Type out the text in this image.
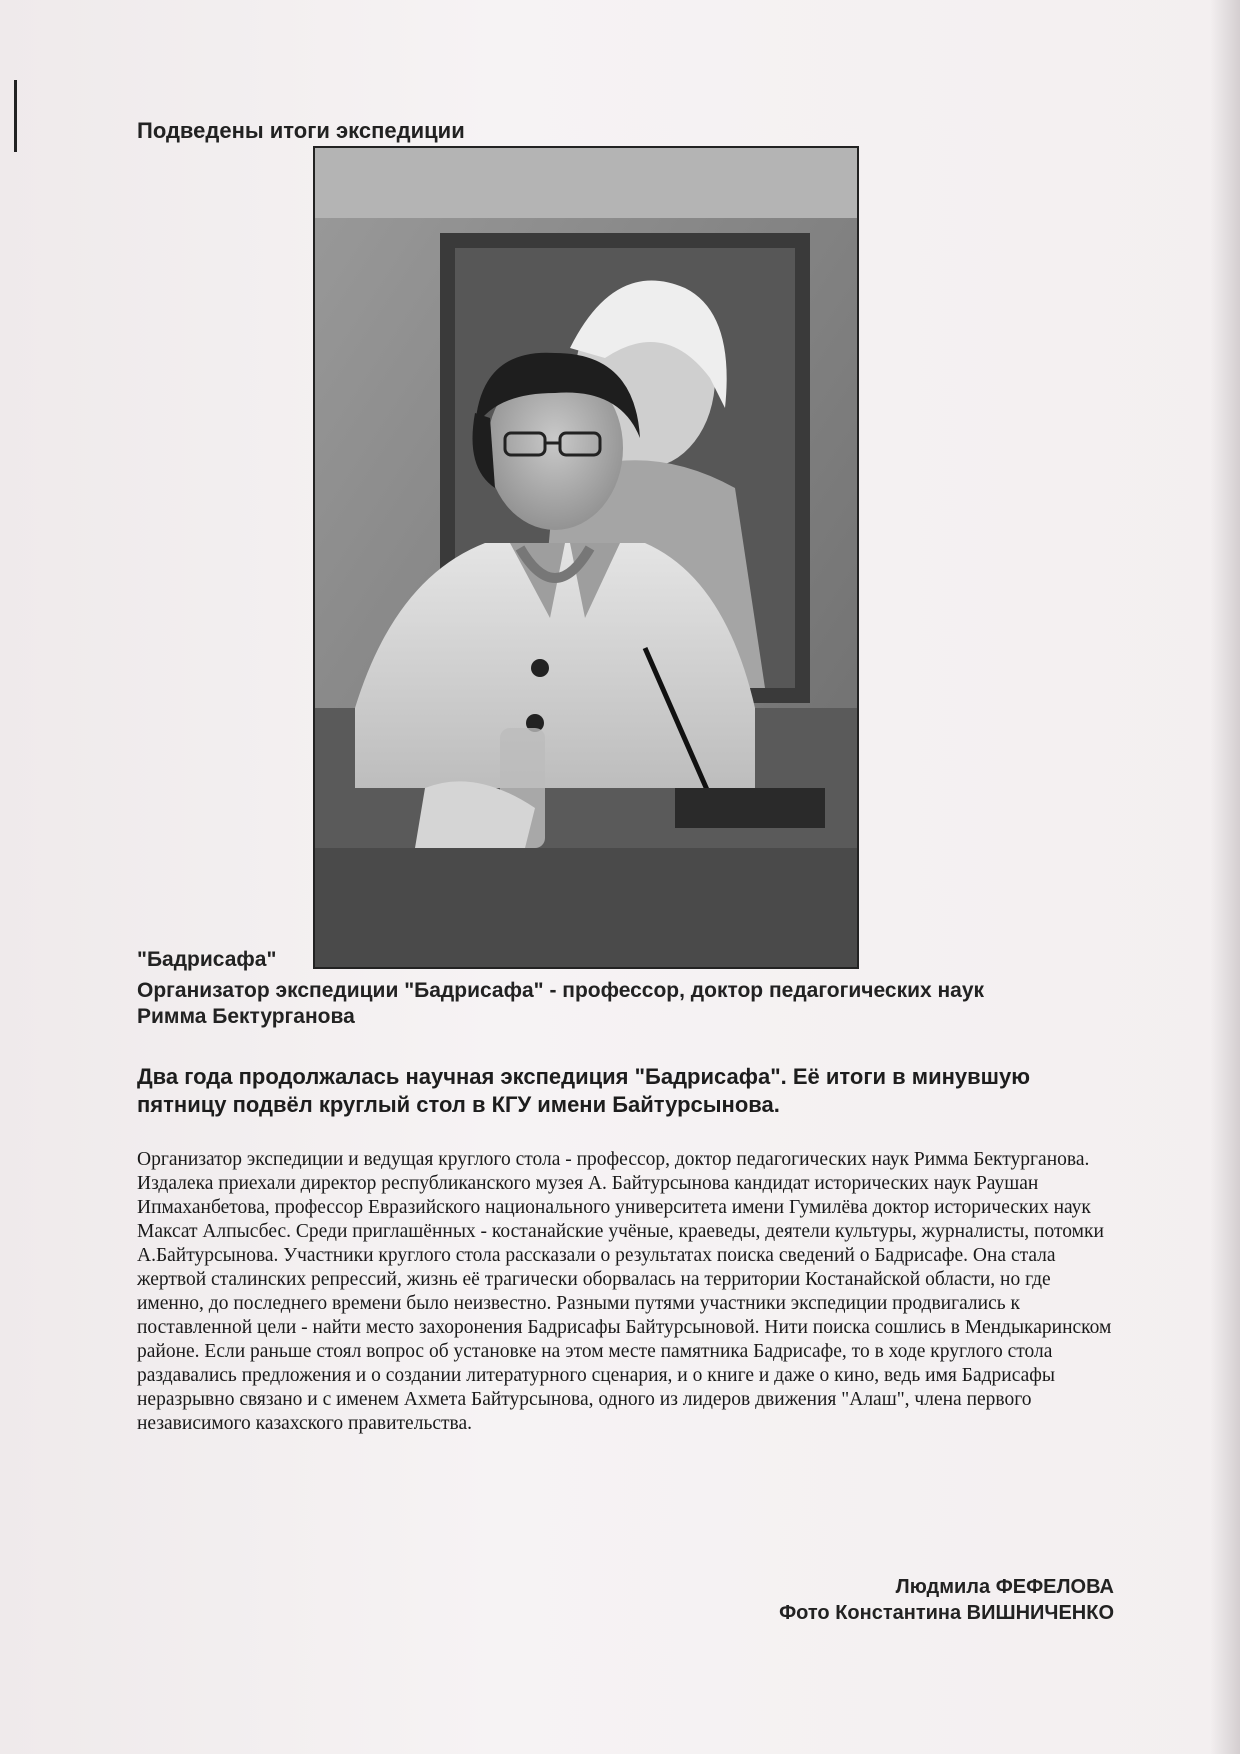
Подведены итоги экспедиции
"Бадрисафа"
Организатор экспедиции "Бадрисафа" - профессор, доктор педагогических наук Римма Бектурганова
Два года продолжалась научная экспедиция "Бадрисафа". Её итоги в минувшую пятницу подвёл круглый стол в КГУ имени Байтурсынова.
Организатор экспедиции и ведущая круглого стола - профессор, доктор педагогических наук Римма Бектурганова. Издалека приехали директор республиканского музея А. Байтурсынова кандидат исторических наук Раушан Ипмаханбетова, профессор Евразийского национального университета имени Гумилёва доктор исторических наук Максат Алпысбес. Среди приглашённых - костанайские учёные, краеведы, деятели культуры, журналисты, потомки А.Байтурсынова. Участники круглого стола рассказали о результатах поиска сведений о Бадрисафе. Она стала жертвой сталинских репрессий, жизнь её трагически оборвалась на территории Костанайской области, но где именно, до последнего времени было неизвестно. Разными путями участники экспедиции продвигались к поставленной цели - найти место захоронения Бадрисафы Байтурсыновой. Нити поиска сошлись в Мендыкаринском районе. Если раньше стоял вопрос об установке на этом месте памятника Бадрисафе, то в ходе круглого стола раздавались предложения и о создании литературного сценария, и о книге и даже о кино, ведь имя Бадрисафы неразрывно связано и с именем Ахмета Байтурсынова, одного из лидеров движения "Алаш", члена первого независимого казахского правительства.
Людмила ФЕФЕЛОВА
Фото Константина ВИШНИЧЕНКО
